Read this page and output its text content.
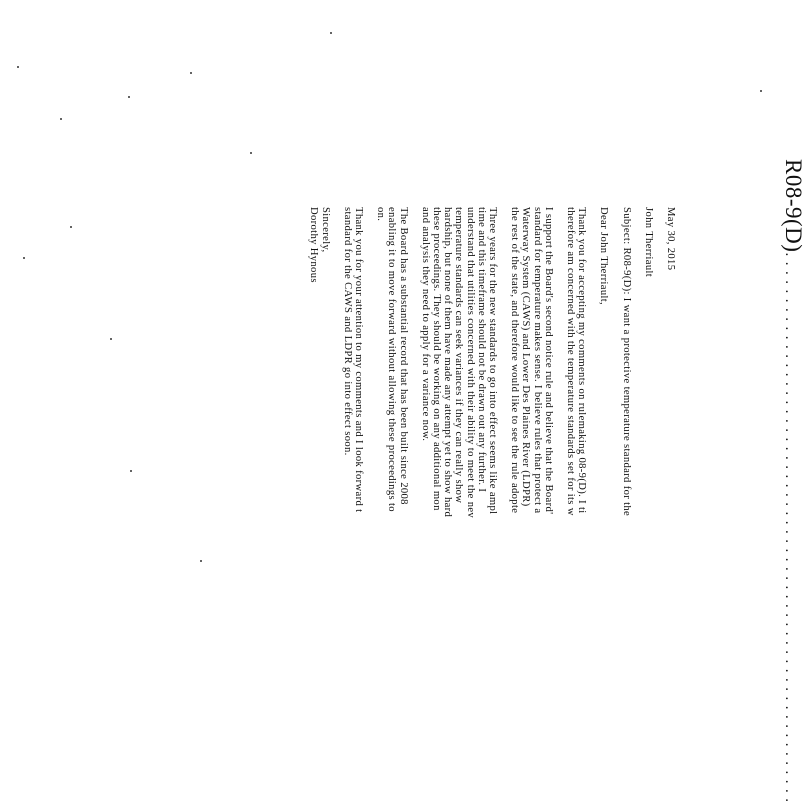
R08-9(D)............................................................
May 30, 2015
John Therriault
Subject: R08-9(D): I want a protective temperature standard for the
Dear John Therriault,
Thank you for accepting my comments on rulemaking 08-9(D). I ti
therefore am concerned with the temperature standards set for its w
I support the Board's second notice rule and believe that the Board'
standard for temperature makes sense. I believe rules that protect a
Waterway System (CAWS) and Lower Des Plaines River (LDPR)
the rest of the state, and therefore would like to see the rule adopte
Three years for the new standards to go into effect seems like ampl
time and this timeframe should not be drawn out any further. I
understand that utilities concerned with their ability to meet the nev
temperature standards can seek variances if they can really show
hardship, but none of them have made any attempt yet to show hard
these proceedings. They should be working on any additional mon
and analysis they need to apply for a variance now.
The Board has a substantial record that has been built since 2008
enabling it to move forward without allowing these proceedings to
on.
Thank you for your attention to my comments and I look forward t
standard for the CAWS and LDPR go into effect soon.
Sincerely,
Dorothy Hynous
